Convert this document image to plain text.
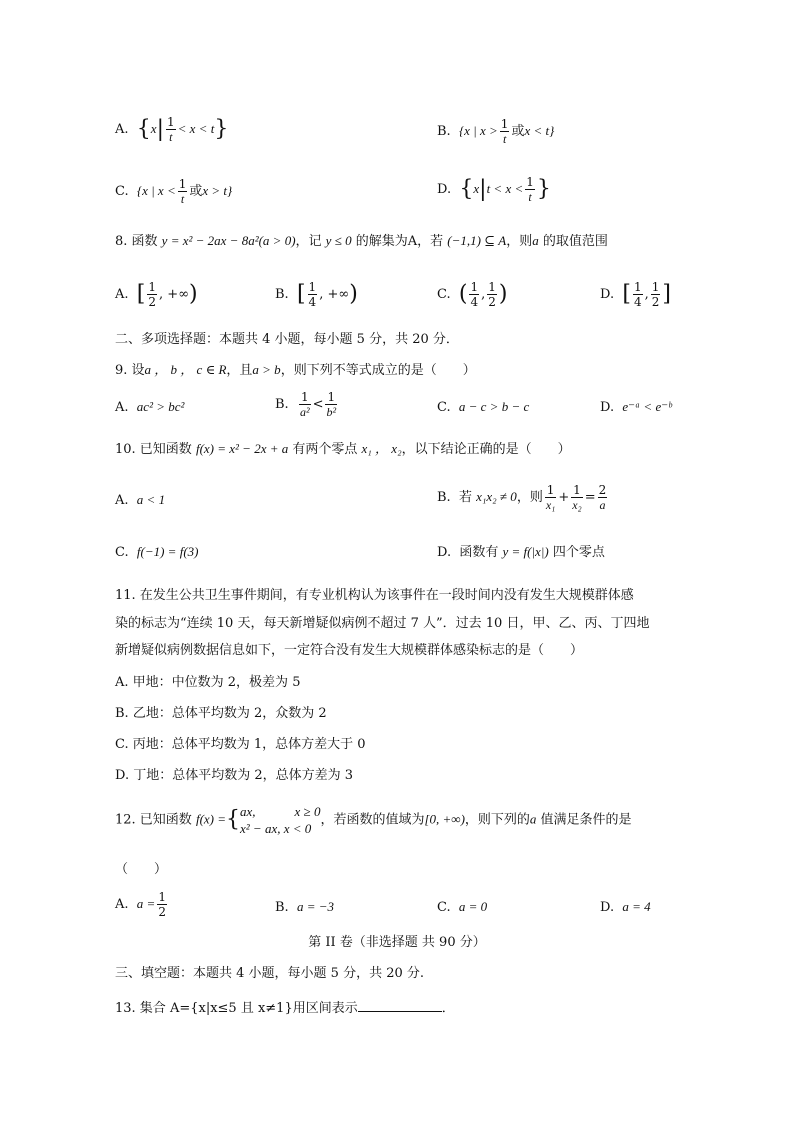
A. $\{x| \frac{1}{t} < x < t\}$	B. {x | $x > \frac{1}{t}$ 或x < t}
C. {x | $x < \frac{1}{t}$ 或x > t}	D. {$x|t < x < \frac{1}{t}$ }
8. 函数 y = x² − 2ax − 8a²(a > 0)，记 y ≤ 0 的解集为A，若 (−1,1) ⊆ A，则a 的取值范围
A. [ $\frac{1}{2}$ , +∞)	B. [ $\frac{1}{4}$ , +∞)	C. ( $\frac{1}{4}$ , $\frac{1}{2}$ )	D. [ $\frac{1}{4}$ , $\frac{1}{2}$ ]
二、多项选择题：本题共 4 小题，每小题 5 分，共 20 分．
9. 设a ， b ， c ∈ R，且a > b，则下列不等式成立的是（　　）
A. ac² > bc²	B. $\frac{1}{\text{a²}} < \frac{1}{\text{b²}}$	C. a − c > b − c	D. e⁻ᵃ < e⁻ᵇ
10. 已知函数 f(x) = x² − 2x + a 有两个零点 x₁ ， x₂，以下结论正确的是（　　）
A. a < 1	B. 若 x₁x₂ ≠ 0，则 $\frac{1}{\text{x₁}} + \frac{1}{\text{x₂}} = \frac{2}{a}$
C. f(−1) = f(3)	D. 函数有 y = f(|x|) 四个零点
11. 在发生公共卫生事件期间，有专业机构认为该事件在一段时间内没有发生大规模群体感
染的标志为“连续 10 天，每天新增疑似病例不超过 7 人”．过去 10 日，甲、乙、丙、丁四地
新增疑似病例数据信息如下，一定符合没有发生大规模群体感染标志的是（　　）
A. 甲地：中位数为 2，极差为 5
B. 乙地：总体平均数为 2，众数为 2
C. 丙地：总体平均数为 1，总体方差大于 0
D. 丁地：总体平均数为 2，总体方差为 3
12. 已知函数 f(x) ={ ax,　　　x ≥ 0
x² − ax, x < 0
，若函数的值域为[0, +∞)，则下列的a 值满足条件的是
（　　）
A. $a = \frac{1}{2}$	B. a = −3	C. a = 0	D. a = 4
第 II 卷（非选择题 共 90 分）
三、填空题：本题共 4 小题，每小题 5 分，共 20 分.
13. 集合 A={x|x≤5 且 x≠1}用区间表示	．
